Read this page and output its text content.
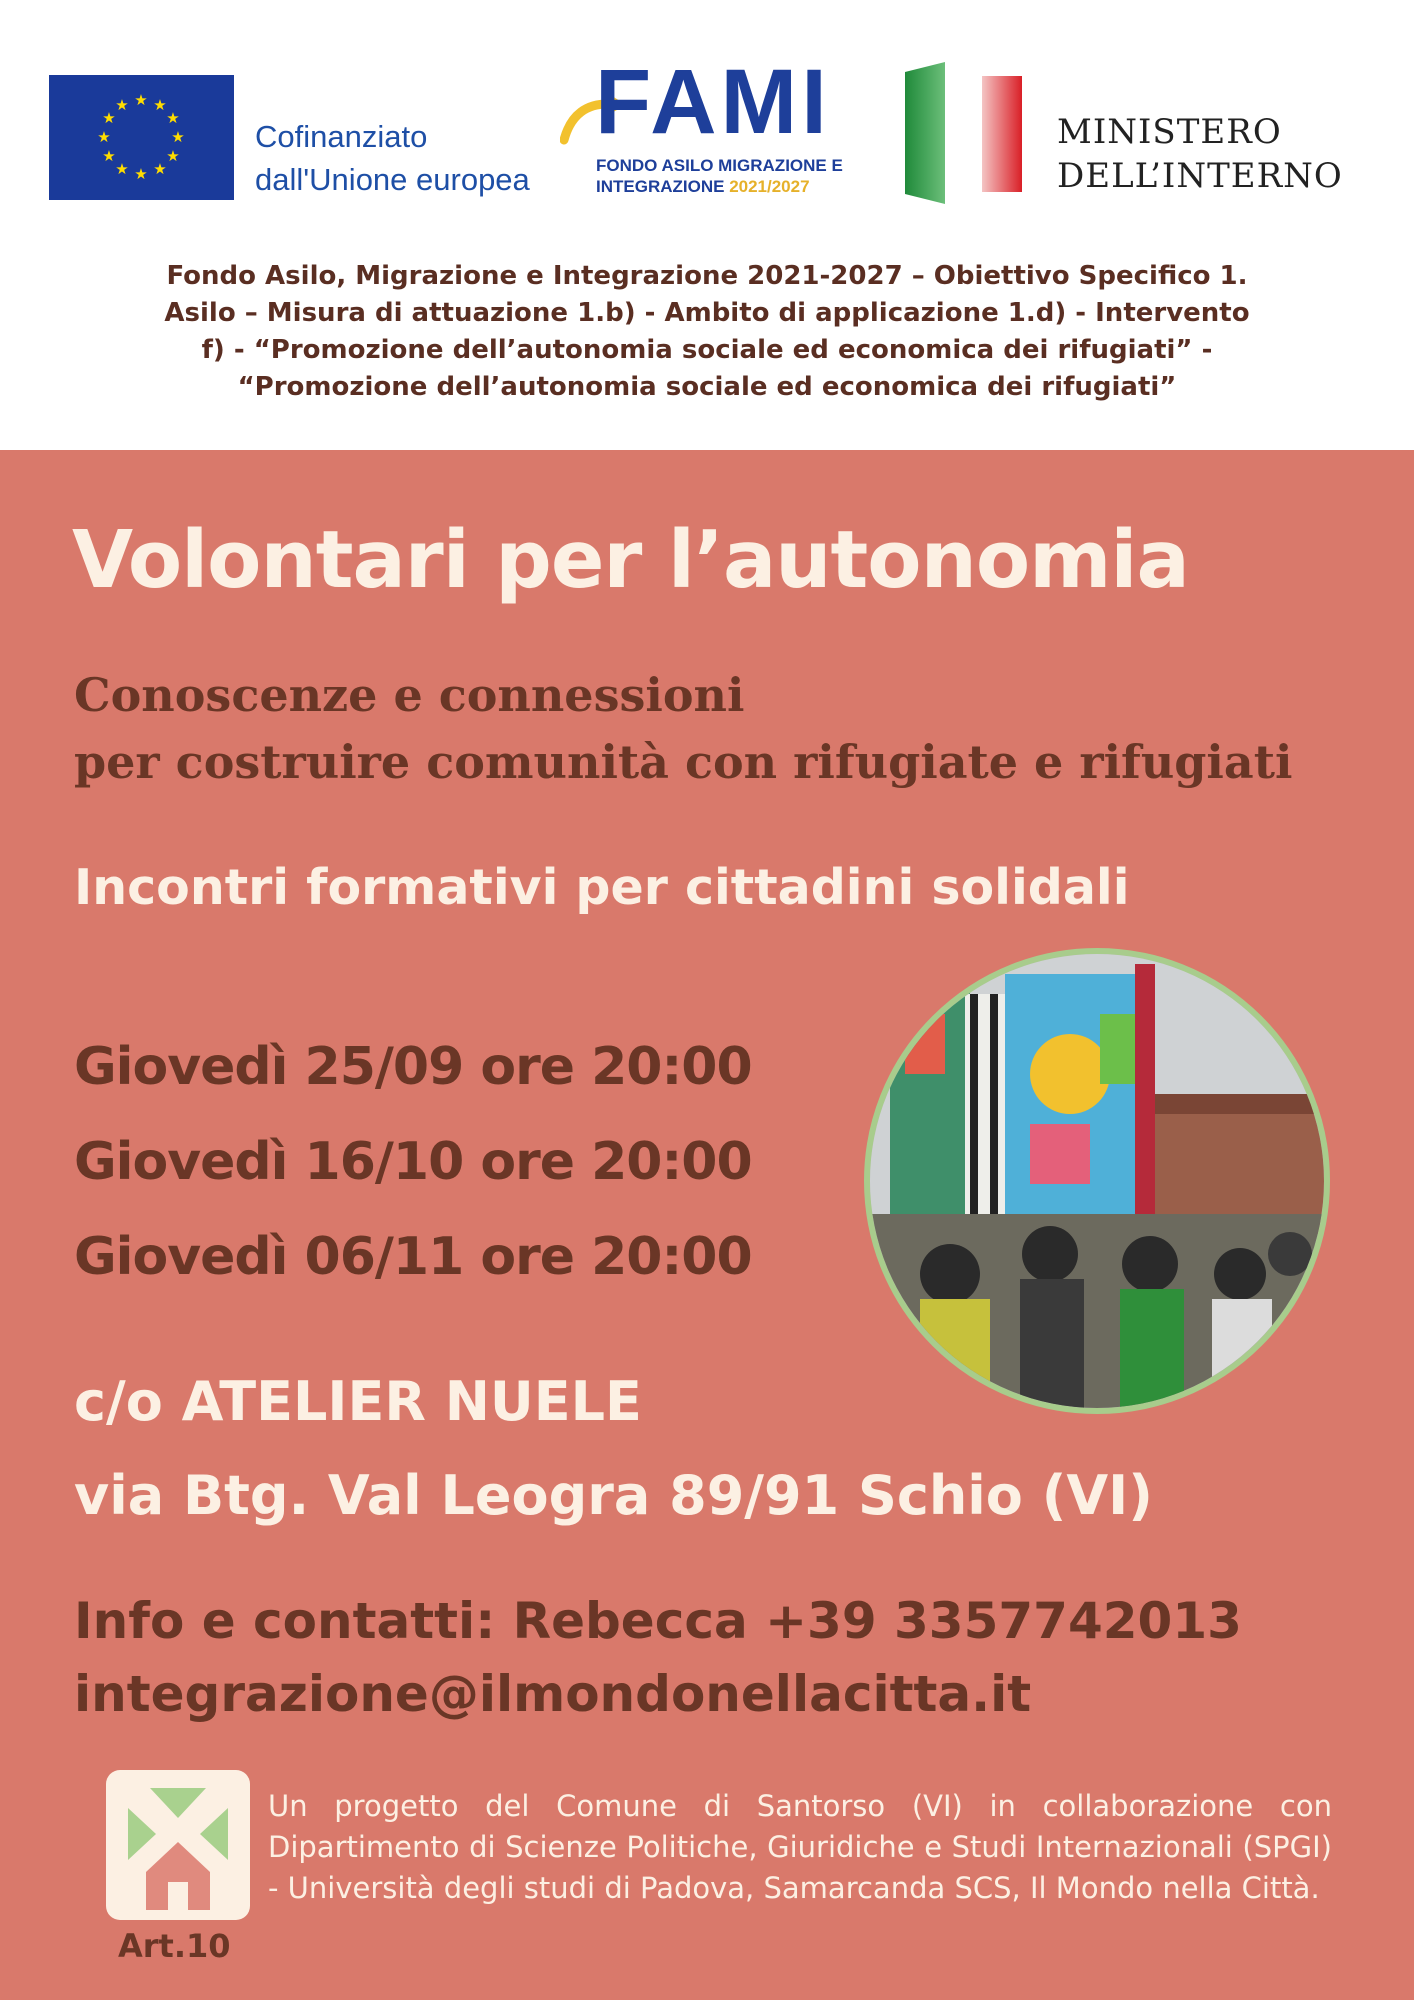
★ ★
★
★
★
★
★
★
★
★
★
★
Cofinanziato
dall'Unione europea
FAMI
FONDO ASILO MIGRAZIONE E
INTEGRAZIONE 2021/2027
MINISTERO
DELL’INTERNO
Fondo Asilo, Migrazione e Integrazione 2021-2027 – Obiettivo Specifico 1.
Asilo – Misura di attuazione 1.b) - Ambito di applicazione 1.d) - Intervento
f) - “Promozione dell’autonomia sociale ed economica dei rifugiati” -
“Promozione dell’autonomia sociale ed economica dei rifugiati”
Volontari per l’autonomia
Conoscenze e connessioni
per costruire comunità con rifugiate e rifugiati
Incontri formativi per cittadini solidali
Giovedì 25/09 ore 20:00
Giovedì 16/10 ore 20:00
Giovedì 06/11 ore 20:00
c/o ATELIER NUELE
via Btg. Val Leogra 89/91 Schio (VI)
Info e contatti: Rebecca +39 3357742013
integrazione@ilmondonellacitta.it
Art.10
Un progetto del Comune di Santorso (VI) in collaborazione con Dipartimento di Scienze Politiche, Giuridiche e Studi Internazionali (SPGI) - Università degli studi di Padova, Samarcanda SCS, Il Mondo nella Città.
